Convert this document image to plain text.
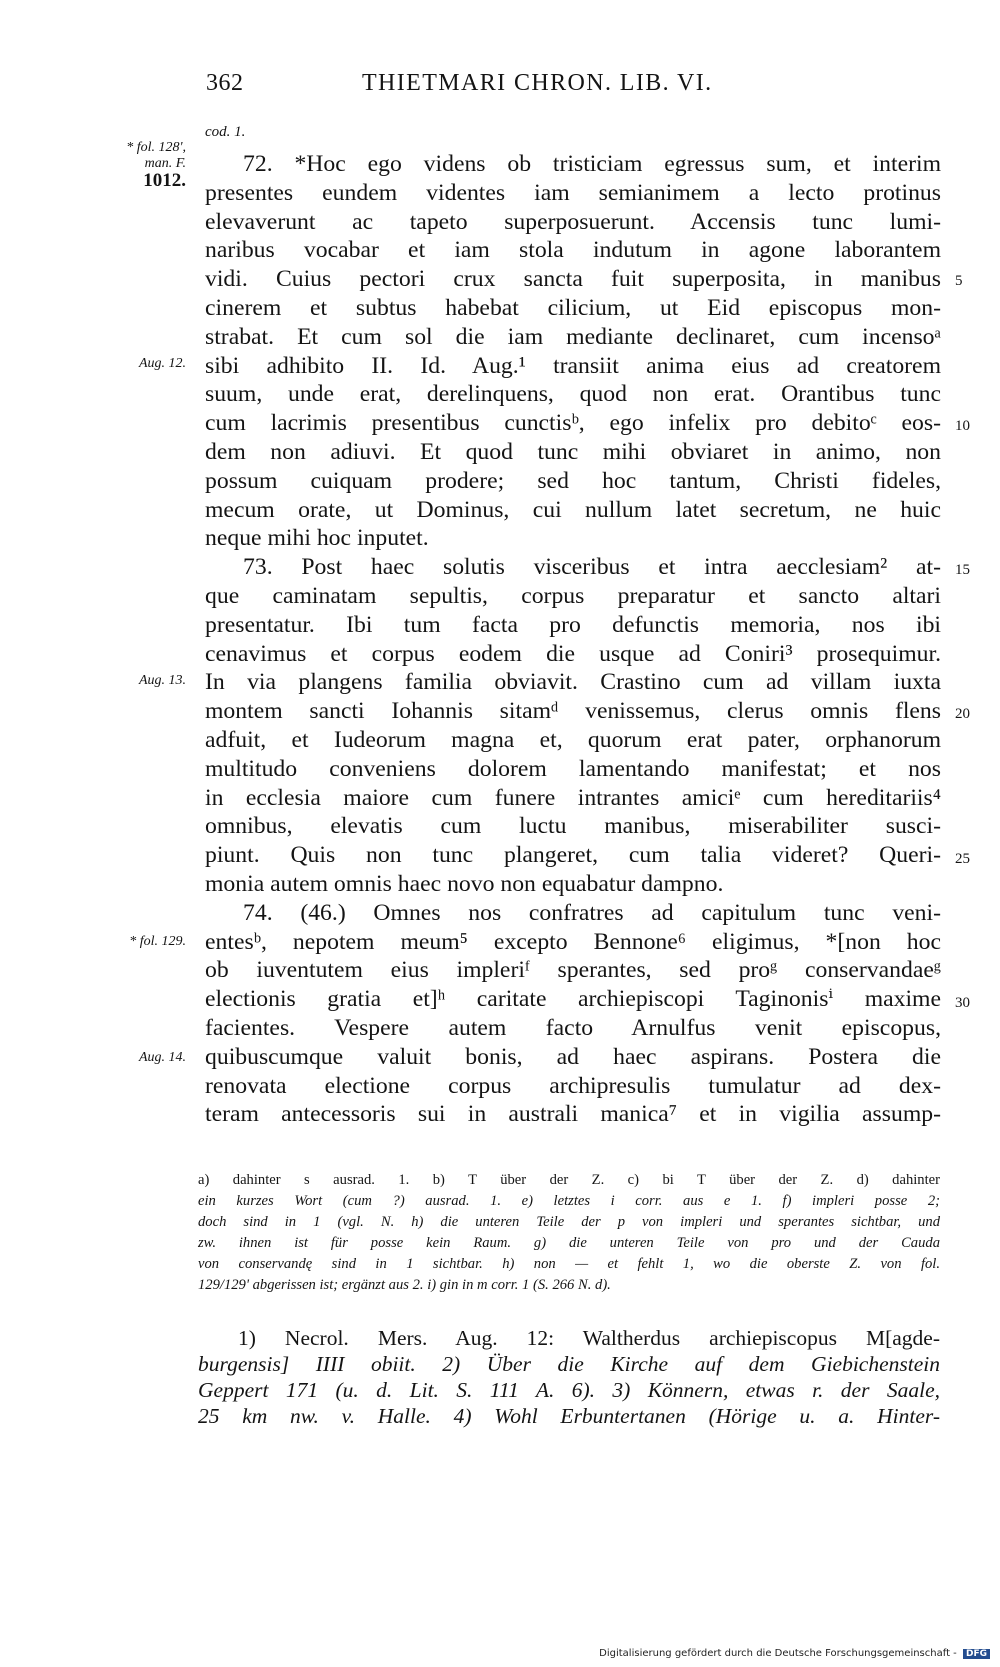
362	THIETMARI CHRON. LIB. VI.
cod. 1.
* fol. 128',
man. F.
1012.
Aug. 12.
Aug. 13.
* fol. 129.
Aug. 14.
5
10
15
20
25
30
72. *Hoc ego videns ob tristiciam egressus sum, et interim
presentes eundem videntes iam semianimem a lecto protinus
elevaverunt ac tapeto superposuerunt. Accensis tunc lumi-
naribus vocabar et iam stola indutum in agone laborantem
vidi. Cuius pectori crux sancta fuit superposita, in manibus
cinerem et subtus habebat cilicium, ut Eid episcopus mon-
strabat. Et cum sol die iam mediante declinaret, cum incensoᵃ
sibi adhibito II. Id. Aug.¹ transiit anima eius ad creatorem
suum, unde erat, derelinquens, quod non erat. Orantibus tunc
cum lacrimis presentibus cunctisᵇ, ego infelix pro debitoᶜ eos-
dem non adiuvi. Et quod tunc mihi obviaret in animo, non
possum cuiquam prodere; sed hoc tantum, Christi fideles,
mecum orate, ut Dominus, cui nullum latet secretum, ne huic
neque mihi hoc inputet.
73. Post haec solutis visceribus et intra aecclesiam² at-
que caminatam sepultis, corpus preparatur et sancto altari
presentatur. Ibi tum facta pro defunctis memoria, nos ibi
cenavimus et corpus eodem die usque ad Coniri³ prosequimur.
In via plangens familia obviavit. Crastino cum ad villam iuxta
montem sancti Iohannis sitamᵈ venissemus, clerus omnis flens
adfuit, et Iudeorum magna et, quorum erat pater, orphanorum
multitudo conveniens dolorem lamentando manifestat; et nos
in ecclesia maiore cum funere intrantes amiciᵉ cum hereditariis⁴
omnibus, elevatis cum luctu manibus, miserabiliter susci-
piunt. Quis non tunc plangeret, cum talia videret? Queri-
monia autem omnis haec novo non equabatur dampno.
74. (46.) Omnes nos confratres ad capitulum tunc veni-
entesᵇ, nepotem meum⁵ excepto Bennone⁶ eligimus, *[non hoc
ob iuventutem eius impleriᶠ sperantes, sed proᵍ conservandaeᵍ
electionis gratia et]ʰ caritate archiepiscopi Taginonisⁱ maxime
facientes. Vespere autem facto Arnulfus venit episcopus,
quibuscumque valuit bonis, ad haec aspirans. Postera die
renovata electione corpus archipresulis tumulatur ad dex-
teram antecessoris sui in australi manica⁷ et in vigilia assump-
a) dahinter s ausrad. 1. b) T über der Z. c) bi T über der Z. d) dahinter
ein kurzes Wort (cum ?) ausrad. 1. e) letztes i corr. aus e 1. f) impleri posse 2;
doch sind in 1 (vgl. N. h) die unteren Teile der p von impleri und sperantes sichtbar, und
zw. ihnen ist für posse kein Raum. g) die unteren Teile von pro und der Cauda
von conservandę sind in 1 sichtbar. h) non — et fehlt 1, wo die oberste Z. von fol.
129/129' abgerissen ist; ergänzt aus 2. i) gin in m corr. 1 (S. 266 N. d).
1) Necrol. Mers. Aug. 12: Waltherdus archiepiscopus M[agde-
burgensis] IIII obiit. 2) Über die Kirche auf dem Giebichenstein
Geppert 171 (u. d. Lit. S. 111 A. 6). 3) Könnern, etwas r. der Saale,
25 km nw. v. Halle. 4) Wohl Erbuntertanen (Hörige u. a. Hinter-
Digitalisierung gefördert durch die Deutsche Forschungsgemeinschaft - DFG
